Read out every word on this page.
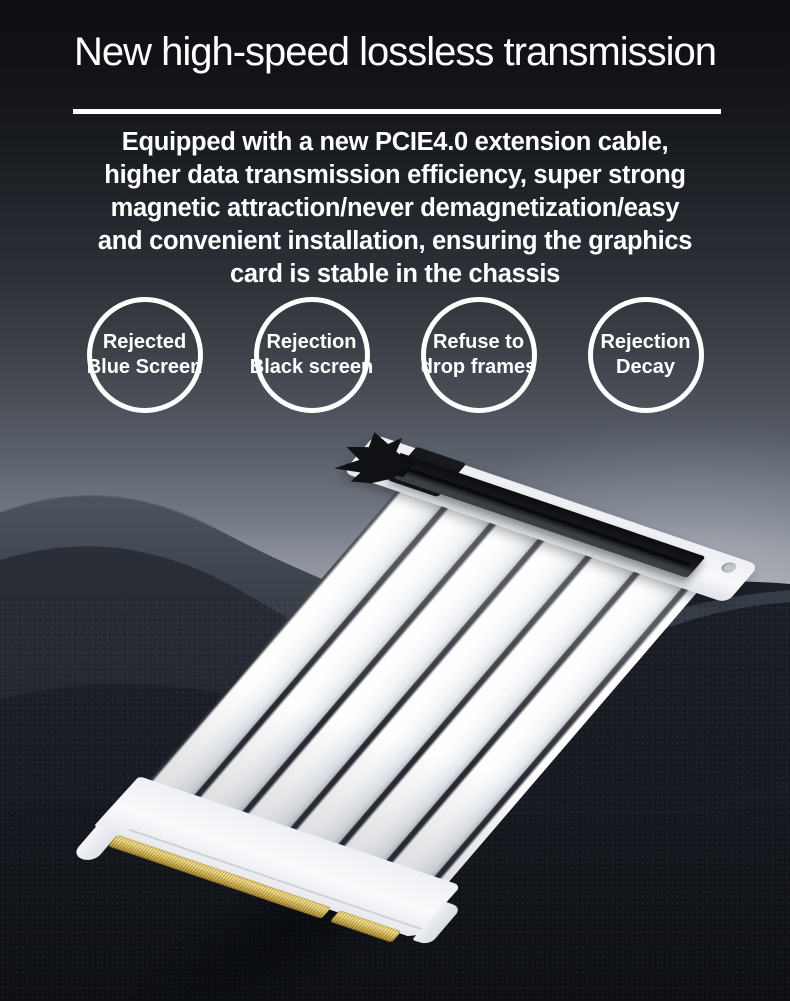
New high-speed lossless transmission
Equipped with a new PCIE4.0 extension cable,
higher data transmission efficiency, super strong
magnetic attraction/never demagnetization/easy
and convenient installation, ensuring the graphics
card is stable in the chassis
Rejected
Blue Screen
Rejection
Black screen
Refuse to
drop frames
Rejection
Decay
